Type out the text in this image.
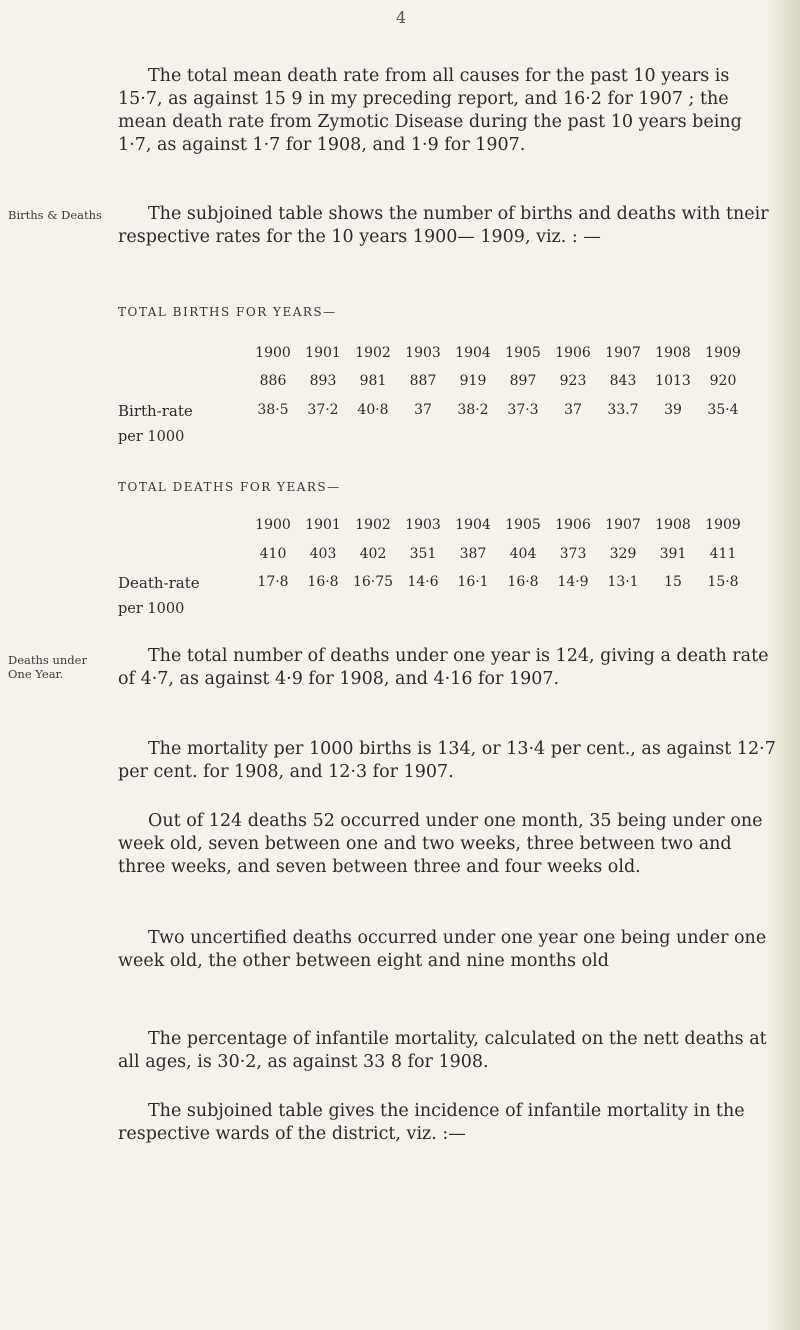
4

The total mean death rate from all causes for the past 10 years is 15·7, as against 15 9 in my preceding report, and 16·2 for 1907 ; the mean death rate from Zymotic Disease during the past 10 years being 1·7, as against 1·7 for 1908, and 1·9 for 1907.

Births & Deaths	The subjoined table shows the number of births and deaths with tneir respective rates for the 10 years 1900— 1909, viz. : —

TOTAL BIRTHS FOR YEARS—
1900	1901	1902	1903	1904	1905	1906	1907	1908	1909
886	893	981	887	919	897	923	843	1013	920
Birth-rate	38·5	37·2	40·8	37	38·2	37·3	37	33.7	39	35·4
per 1000
TOTAL DEATHS FOR YEARS—
1900	1901	1902	1903	1904	1905	1906	1907	1908	1909
410	403	402	351	387	404	373	329	391	411
Death-rate	17·8	16·8	16·75	14·6	16·1	16·8	14·9	13·1	15	15·8
per 1000
Deaths under One Year.

The total number of deaths under one year is 124, giving a death rate of 4·7, as against 4·9 for 1908, and 4·16 for 1907.

The mortality per 1000 births is 134, or 13·4 per cent., as against 12·7 per cent. for 1908, and 12·3 for 1907.

Out of 124 deaths 52 occurred under one month, 35 being under one week old, seven between one and two weeks, three between two and three weeks, and seven between three and four weeks old.

Two uncertified deaths occurred under one year one being under one week old, the other between eight and nine months old

The percentage of infantile mortality, calculated on the nett deaths at all ages, is 30·2, as against 33 8 for 1908.

The subjoined table gives the incidence of infantile mortality in the respective wards of the district, viz. :—
